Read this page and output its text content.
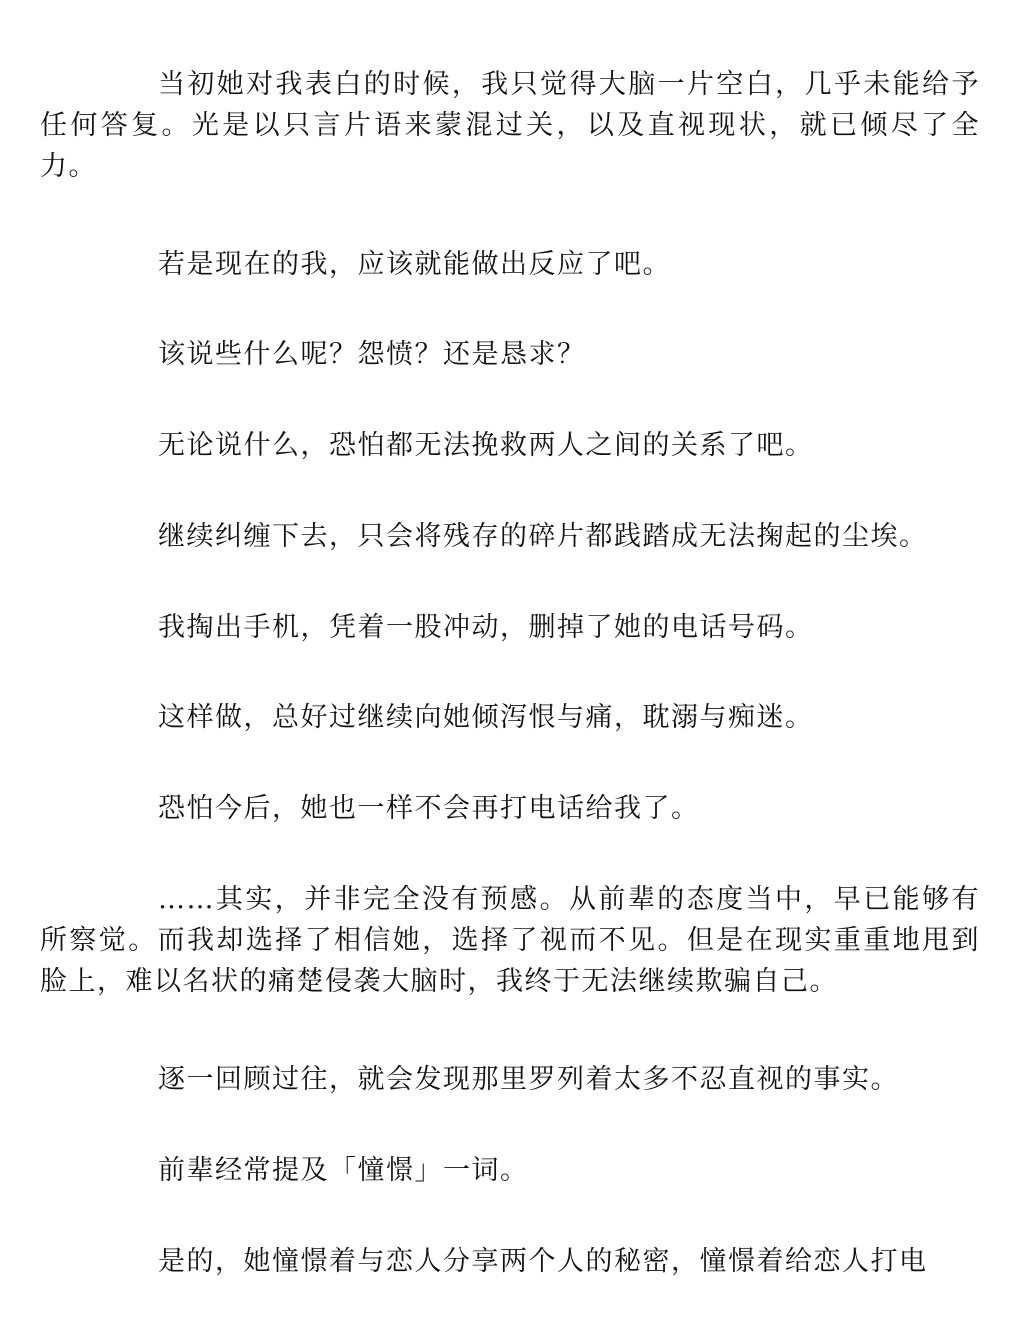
当初她对我表白的时候，我只觉得大脑一片空白，几乎未能给予任何答复。光是以只言片语来蒙混过关，以及直视现状，就已倾尽了全力。

若是现在的我，应该就能做出反应了吧。

该说些什么呢？怨愤？还是恳求？

无论说什么，恐怕都无法挽救两人之间的关系了吧。

继续纠缠下去，只会将残存的碎片都践踏成无法掬起的尘埃。

我掏出手机，凭着一股冲动，删掉了她的电话号码。

这样做，总好过继续向她倾泻恨与痛，耽溺与痴迷。

恐怕今后，她也一样不会再打电话给我了。

……其实，并非完全没有预感。从前辈的态度当中，早已能够有所察觉。而我却选择了相信她，选择了视而不见。但是在现实重重地甩到脸上，难以名状的痛楚侵袭大脑时，我终于无法继续欺骗自己。

逐一回顾过往，就会发现那里罗列着太多不忍直视的事实。

前辈经常提及「憧憬」一词。

是的，她憧憬着与恋人分享两个人的秘密，憧憬着给恋人打电
